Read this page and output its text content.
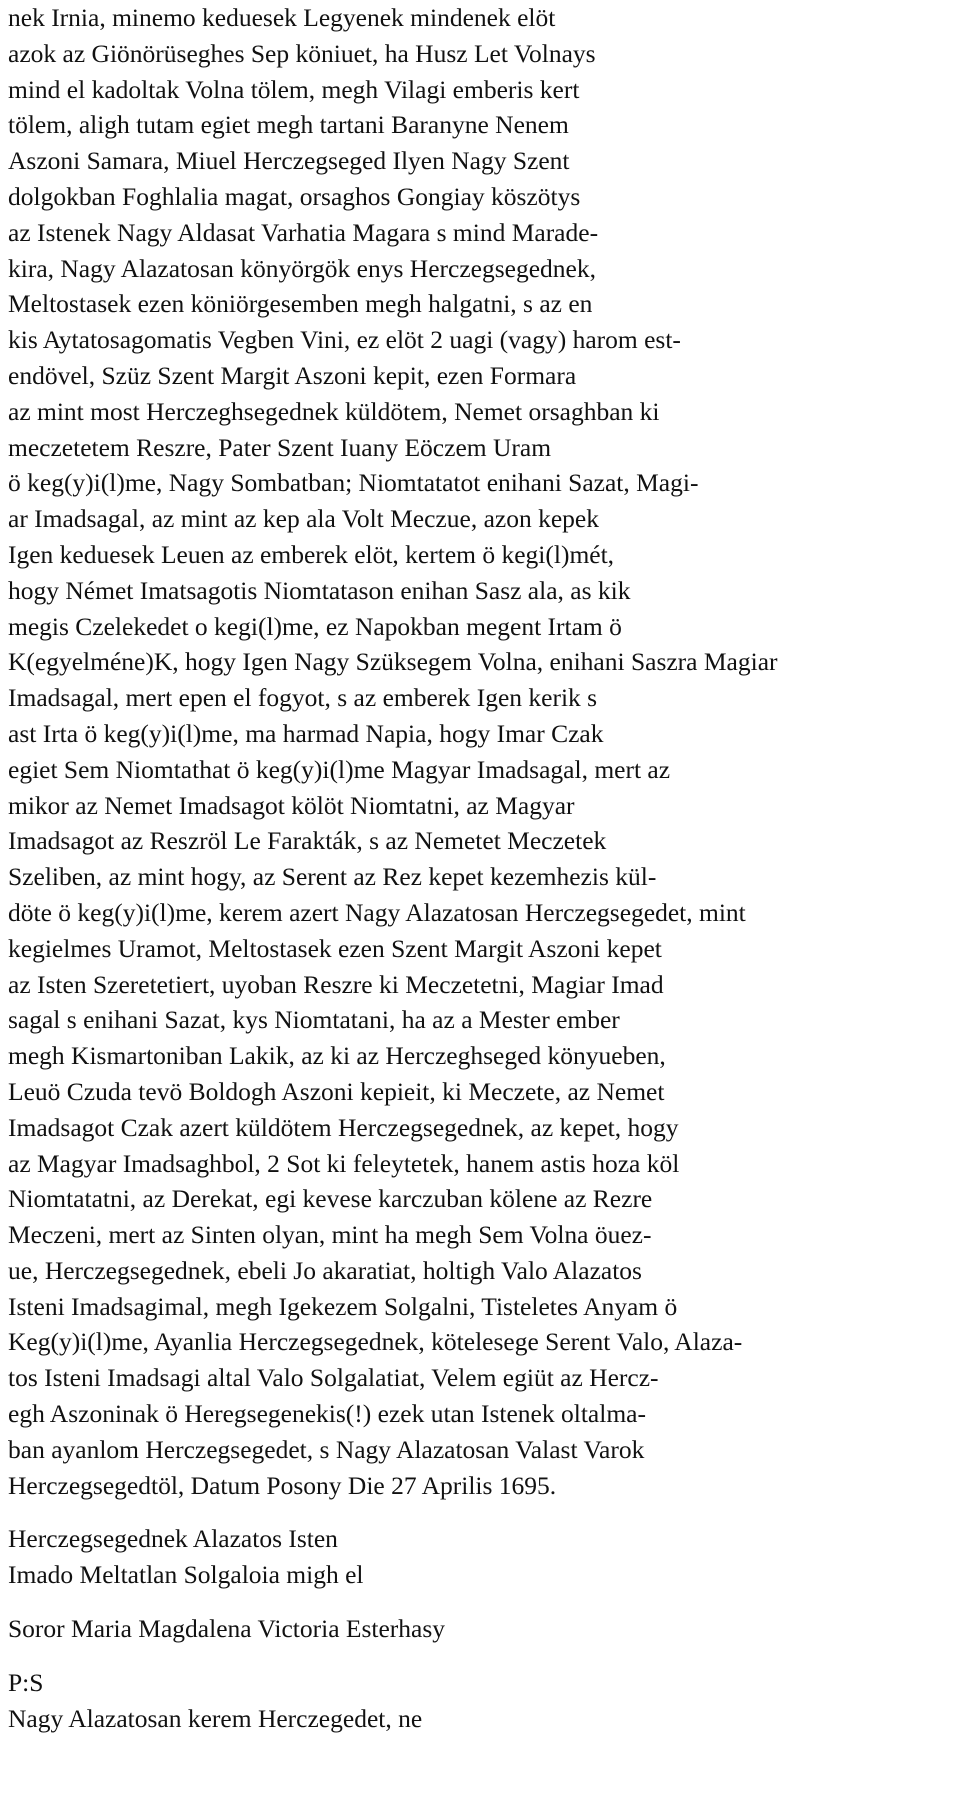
nek Irnia, minemo keduesek Legyenek mindenek elöt
azok az Giönörüseghes Sep köniuet, ha Husz Let Volnays
mind el kadoltak Volna tölem, megh Vilagi emberis kert
tölem, aligh tutam egiet megh tartani Baranyne Nenem
Aszoni Samara, Miuel Herczegseged Ilyen Nagy Szent
dolgokban Foghlalia magat, orsaghos Gongiay köszötys
az Istenek Nagy Aldasat Varhatia Magara s mind Marade-
kira, Nagy Alazatosan könyörgök enys Herczegsegednek,
Meltostasek ezen köniörgesemben megh halgatni, s az en
kis Aytatosagomatis Vegben Vini, ez elöt 2 uagi (vagy) harom est-
endövel, Szüz Szent Margit Aszoni kepit, ezen Formara
az mint most Herczeghsegednek küldötem, Nemet orsaghban ki
meczetetem Reszre, Pater Szent Iuany Eöczem Uram
ö keg(y)i(l)me, Nagy Sombatban; Niomtatatot enihani Sazat, Magi-
ar Imadsagal, az mint az kep ala Volt Meczue, azon kepek
Igen keduesek Leuen az emberek elöt, kertem ö kegi(l)mét,
hogy Német Imatsagotis Niomtatason enihan Sasz ala, as kik
megis Czelekedet o kegi(l)me, ez Napokban megent Irtam ö
K(egyelméne)K, hogy Igen Nagy Szüksegem Volna, enihani Saszra Magiar
Imadsagal, mert epen el fogyot, s az emberek Igen kerik s
ast Irta ö keg(y)i(l)me, ma harmad Napia, hogy Imar Czak
egiet Sem Niomtathat ö keg(y)i(l)me Magyar Imadsagal, mert az
mikor az Nemet Imadsagot kölöt Niomtatni, az Magyar
Imadsagot az Reszröl Le Farakták, s az Nemetet Meczetek
Szeliben, az mint hogy, az Serent az Rez kepet kezemhezis kül-
döte ö keg(y)i(l)me, kerem azert Nagy Alazatosan Herczegsegedet, mint
kegielmes Uramot, Meltostasek ezen Szent Margit Aszoni kepet
az Isten Szeretetiert, uyoban Reszre ki Meczetetni, Magiar Imad
sagal s enihani Sazat, kys Niomtatani, ha az a Mester ember
megh Kismartoniban Lakik, az ki az Herczeghseged könyueben,
Leuö Czuda tevö Boldogh Aszoni kepieit, ki Meczete, az Nemet
Imadsagot Czak azert küldötem Herczegsegednek, az kepet, hogy
az Magyar Imadsaghbol, 2 Sot ki feleytetek, hanem astis hoza köl
Niomtatatni, az Derekat, egi kevese karczuban kölene az Rezre
Meczeni, mert az Sinten olyan, mint ha megh Sem Volna öuez-
ue, Herczegsegednek, ebeli Jo akaratiat, holtigh Valo Alazatos
Isteni Imadsagimal, megh Igekezem Solgalni, Tisteletes Anyam ö
Keg(y)i(l)me, Ayanlia Herczegsegednek, kötelesege Serent Valo, Alaza-
tos Isteni Imadsagi altal Valo Solgalatiat, Velem egiüt az Hercz-
egh Aszoninak ö Heregsegenekis(!) ezek utan Istenek oltalma-
ban ayanlom Herczegsegedet, s Nagy Alazatosan Valast Varok
Herczegsegedtöl, Datum Posony Die 27 Aprilis 1695.
Herczegsegednek Alazatos Isten
Imado Meltatlan Solgaloia migh el
Soror Maria Magdalena Victoria Esterhasy
P:S
Nagy Alazatosan kerem Herczegedet, ne
